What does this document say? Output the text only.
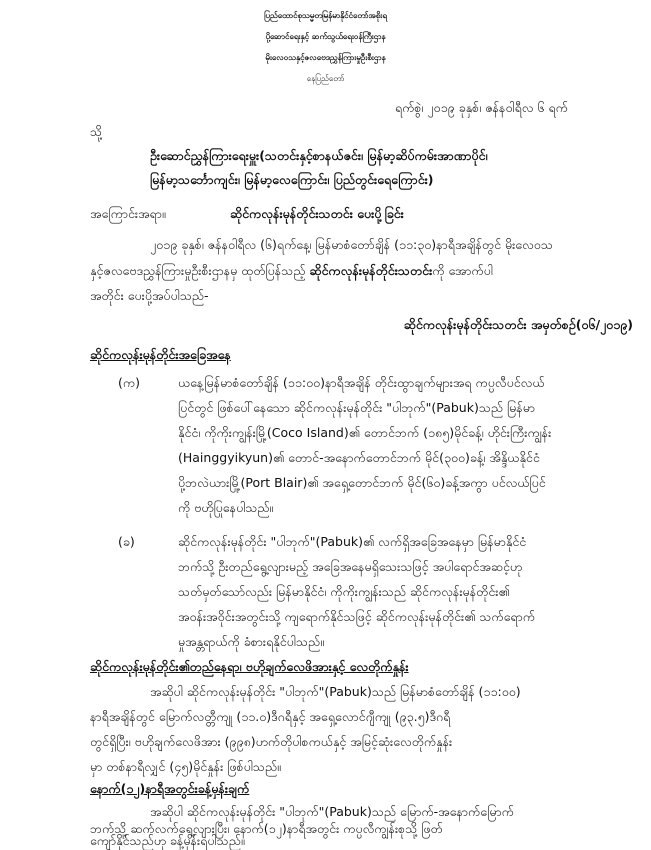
ပြည်ထောင်စုသမ္မတမြန်မာနိုင်ငံတော်အစိုးရ
ပို့ဆောင်ရေးနှင့် ဆက်သွယ်ရေးဝန်ကြီးဌာန
မိုးလေဝသနှင့်ဇလဗေဒညွှန်ကြားမှုဦးစီးဌာန
နေပြည်တော်
ရက်စွဲ၊ ၂၀၁၉ ခုနှစ်၊ ဇန်နဝါရီလ ၆ ရက်
သို့
ဦးဆောင်ညွှန်ကြားရေးမှူး(သတင်းနှင့်စာနယ်ဇင်း၊ မြန်မာ့ဆိပ်ကမ်းအာဏာပိုင်၊
မြန်မာ့သင်္ဘောကျင်း၊ မြန်မာ့လေကြောင်း၊ ပြည်တွင်းရေကြောင်း)
အကြောင်းအရာ။	ဆိုင်ကလုန်းမုန်တိုင်းသတင်း ပေးပို့ခြင်း
၂၀၁၉ ခုနှစ်၊ ဇန်နဝါရီလ (၆)ရက်နေ့၊ မြန်မာစံတော်ချိန် (၁၁:၃၀)နာရီအချိန်တွင် မိုးလေဝသ
နှင့်ဇလဗေဒညွှန်ကြားမှုဦးစီးဌာနမှ ထုတ်ပြန်သည့် ဆိုင်ကလုန်းမုန်တိုင်းသတင်းကို အောက်ပါ
အတိုင်း ပေးပို့အပ်ပါသည်-
ဆိုင်ကလုန်းမုန်တိုင်းသတင်း အမှတ်စဉ်(၀၆/၂၀၁၉)
ဆိုင်ကလုန်းမုန်တိုင်းအခြေအနေ
(က)	ယနေ့မြန်မာစံတော်ချိန် (၁၁:၀၀)နာရီအချိန် တိုင်းထွာချက်များအရ ကပ္ပလီပင်လယ်
ပြင်တွင် ဖြစ်ပေါ်နေသော ဆိုင်ကလုန်းမုန်တိုင်း "ပါဘုက်"(Pabuk)သည် မြန်မာ
နိုင်ငံ၊ ကိုကိုးကျွန်းမြို့(Coco Island)၏ တောင်ဘက် (၁၈၅)မိုင်ခန့်၊ ဟိုင်းကြီးကျွန်း
(Hainggyikyun)၏ တောင်-အနောက်တောင်ဘက် မိုင်(၃၀၀)ခန့်၊ အိန္ဒိယနိုင်ငံ
ပို့ဘလဲယားမြို့(Port Blair)၏ အရှေ့တောင်ဘက် မိုင်(၆၀)ခန့်အကွာ ပင်လယ်ပြင်
ကို ဗဟိုပြုနေပါသည်။
(ခ)	ဆိုင်ကလုန်းမုန်တိုင်း "ပါဘုက်"(Pabuk)၏ လက်ရှိအခြေအနေမှာ မြန်မာနိုင်ငံ
ဘက်သို့ ဦးတည်ရွေ့လျားမည့် အခြေအနေမရှိသေးသဖြင့် အပါရောင်အဆင့်ဟု
သတ်မှတ်သော်လည်း မြန်မာနိုင်ငံ၊ ကိုကိုးကျွန်းသည် ဆိုင်ကလုန်းမုန်တိုင်း၏
အဝန်းအဝိုင်းအတွင်းသို့ ကျရောက်နိုင်သဖြင့် ဆိုင်ကလုန်းမုန်တိုင်း၏ သက်ရောက်
မှုအန္တရာယ်ကို ခံစားရနိုင်ပါသည်။
ဆိုင်ကလုန်းမုန်တိုင်း၏တည်နေရာ၊ ဗဟိုချက်လေဖိအားနှင့် လေတိုက်နှုန်း
အဆိုပါ ဆိုင်ကလုန်းမုန်တိုင်း "ပါဘုက်"(Pabuk)သည် မြန်မာစံတော်ချိန် (၁၁:၀၀)
နာရီအချိန်တွင် မြောက်လတ္တီကျု (၁၁.၀)ဒီဂရီနှင့် အရှေ့လောင်ဂျီကျု (၉၃.၅)ဒီဂရီ
တွင်ရှိပြီး၊ ဗဟိုချက်လေဖိအား (၉၉၈)ဟက်တိုပါစကယ်နှင့် အမြင့်ဆုံးလေတိုက်နှုန်း
မှာ တစ်နာရီလျှင် (၄၅)မိုင်နှုန်း ဖြစ်ပါသည်။
နောက်(၁၂)နာရီအတွင်းခန့်မှန်းချက်
အဆိုပါ ဆိုင်ကလုန်းမုန်တိုင်း "ပါဘုက်"(Pabuk)သည် မြောက်-အနောက်မြောက်
ဘက်သို့ ဆက်လက်ရွေ့လျားပြီး၊ နောက်(၁၂)နာရီအတွင်း ကပ္ပလီကျွန်းစုသို့ ဖြတ်
ကျော်နိုင်သည်ဟု ခန့်မှန်းရပါသည်။
